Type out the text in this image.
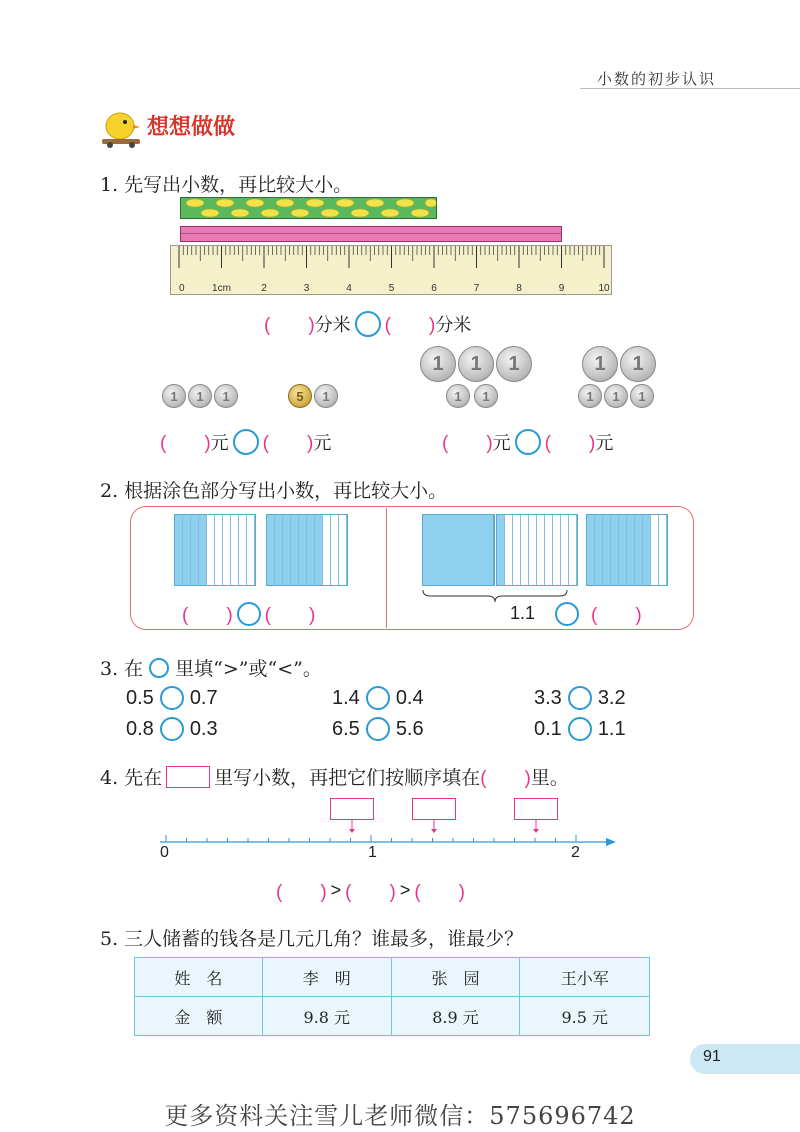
小数的初步认识
想想做做
1. 先写出小数，再比较大小。
0	1cm	2	3	4	5	6	7	8	9	10
(　　) 分米 (　　) 分米
1	1	1	5	1
(　　) 元 (　　) 元
1	1	1
1	1
1	1
1	1	1
(　　) 元 (　　) 元
2. 根据涂色部分写出小数，再比较大小。
(　　) (　　)	1.1	(　　)
3. 在 里填“>”或“<”。
0.5 0.7	1.4 0.4	3.3 3.2
0.8 0.3	6.5 5.6	0.1 1.1
4. 先在	里写小数，再把它们按顺序填在 (　　) 里。
0	1	2
(　　) > (　　) > (　　)
5. 三人储蓄的钱各是几元几角？谁最多，谁最少？
姓　名	李　明	张　园	王小军
金　额	9.8 元	8.9 元	9.5 元
91
更多资料关注雪儿老师微信：575696742
